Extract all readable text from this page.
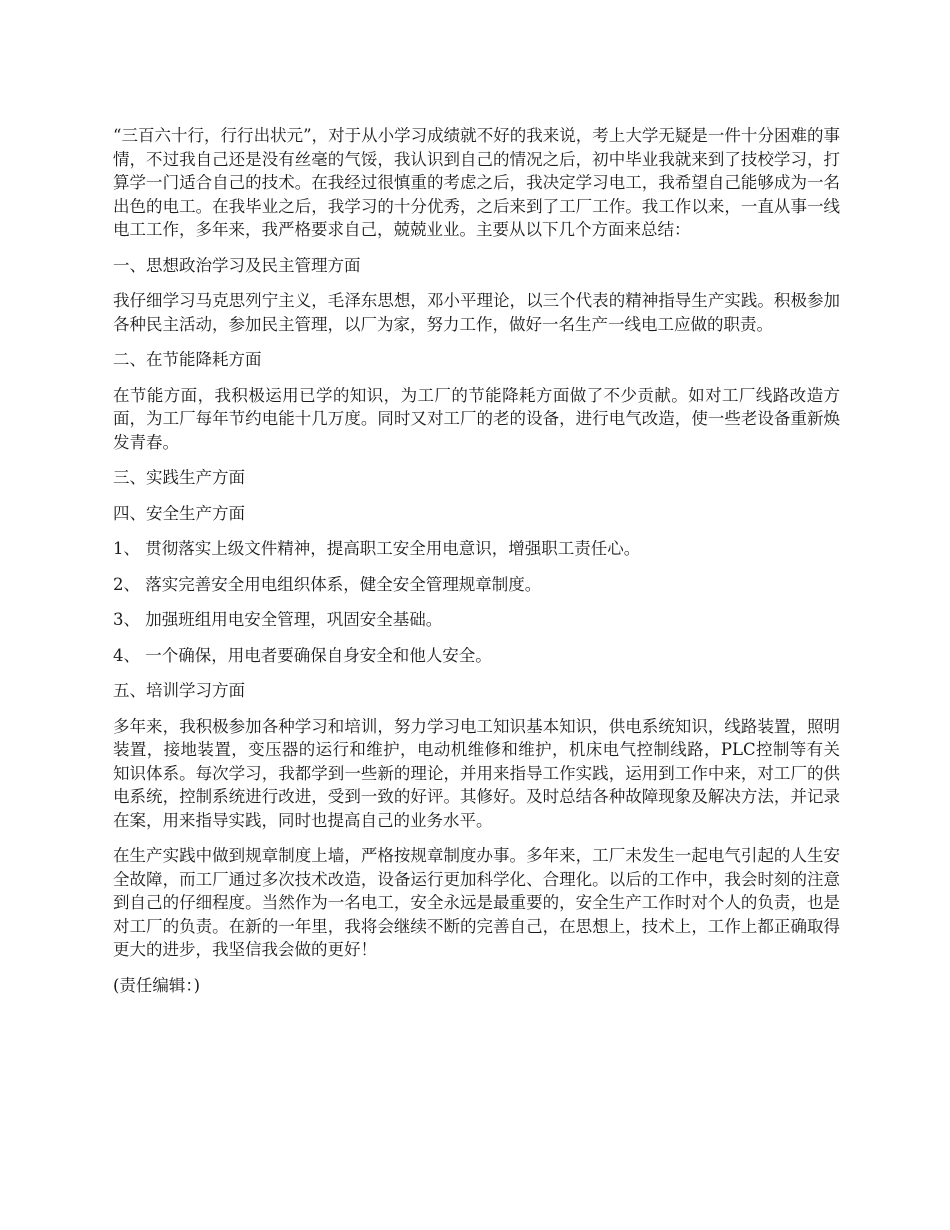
“三百六十行，行行出状元”，对于从小学习成绩就不好的我来说，考上大学无疑是一件十分困难的事情，不过我自己还是没有丝毫的气馁，我认识到自己的情况之后，初中毕业我就来到了技校学习，打算学一门适合自己的技术。在我经过很慎重的考虑之后，我决定学习电工，我希望自己能够成为一名出色的电工。在我毕业之后，我学习的十分优秀，之后来到了工厂工作。我工作以来，一直从事一线电工工作，多年来，我严格要求自己，兢兢业业。主要从以下几个方面来总结：

一、思想政治学习及民主管理方面

我仔细学习马克思列宁主义，毛泽东思想，邓小平理论，以三个代表的精神指导生产实践。积极参加各种民主活动，参加民主管理，以厂为家，努力工作，做好一名生产一线电工应做的职责。

二、在节能降耗方面

在节能方面，我积极运用已学的知识，为工厂的节能降耗方面做了不少贡献。如对工厂线路改造方面，为工厂每年节约电能十几万度。同时又对工厂的老的设备，进行电气改造，使一些老设备重新焕发青春。

三、实践生产方面

四、安全生产方面

1、 贯彻落实上级文件精神，提高职工安全用电意识，增强职工责任心。

2、 落实完善安全用电组织体系，健全安全管理规章制度。

3、 加强班组用电安全管理，巩固安全基础。

4、 一个确保，用电者要确保自身安全和他人安全。

五、培训学习方面

多年来，我积极参加各种学习和培训，努力学习电工知识基本知识，供电系统知识，线路装置，照明装置，接地装置，变压器的运行和维护，电动机维修和维护，机床电气控制线路，PLC控制等有关知识体系。每次学习，我都学到一些新的理论，并用来指导工作实践，运用到工作中来，对工厂的供电系统，控制系统进行改进，受到一致的好评。其修好。及时总结各种故障现象及解决方法，并记录在案，用来指导实践，同时也提高自己的业务水平。

在生产实践中做到规章制度上墙，严格按规章制度办事。多年来，工厂未发生一起电气引起的人生安全故障，而工厂通过多次技术改造，设备运行更加科学化、合理化。以后的工作中，我会时刻的注意到自己的仔细程度。当然作为一名电工，安全永远是最重要的，安全生产工作时对个人的负责，也是对工厂的负责。在新的一年里，我将会继续不断的完善自己，在思想上，技术上，工作上都正确取得更大的进步，我坚信我会做的更好！

(责任编辑：)
